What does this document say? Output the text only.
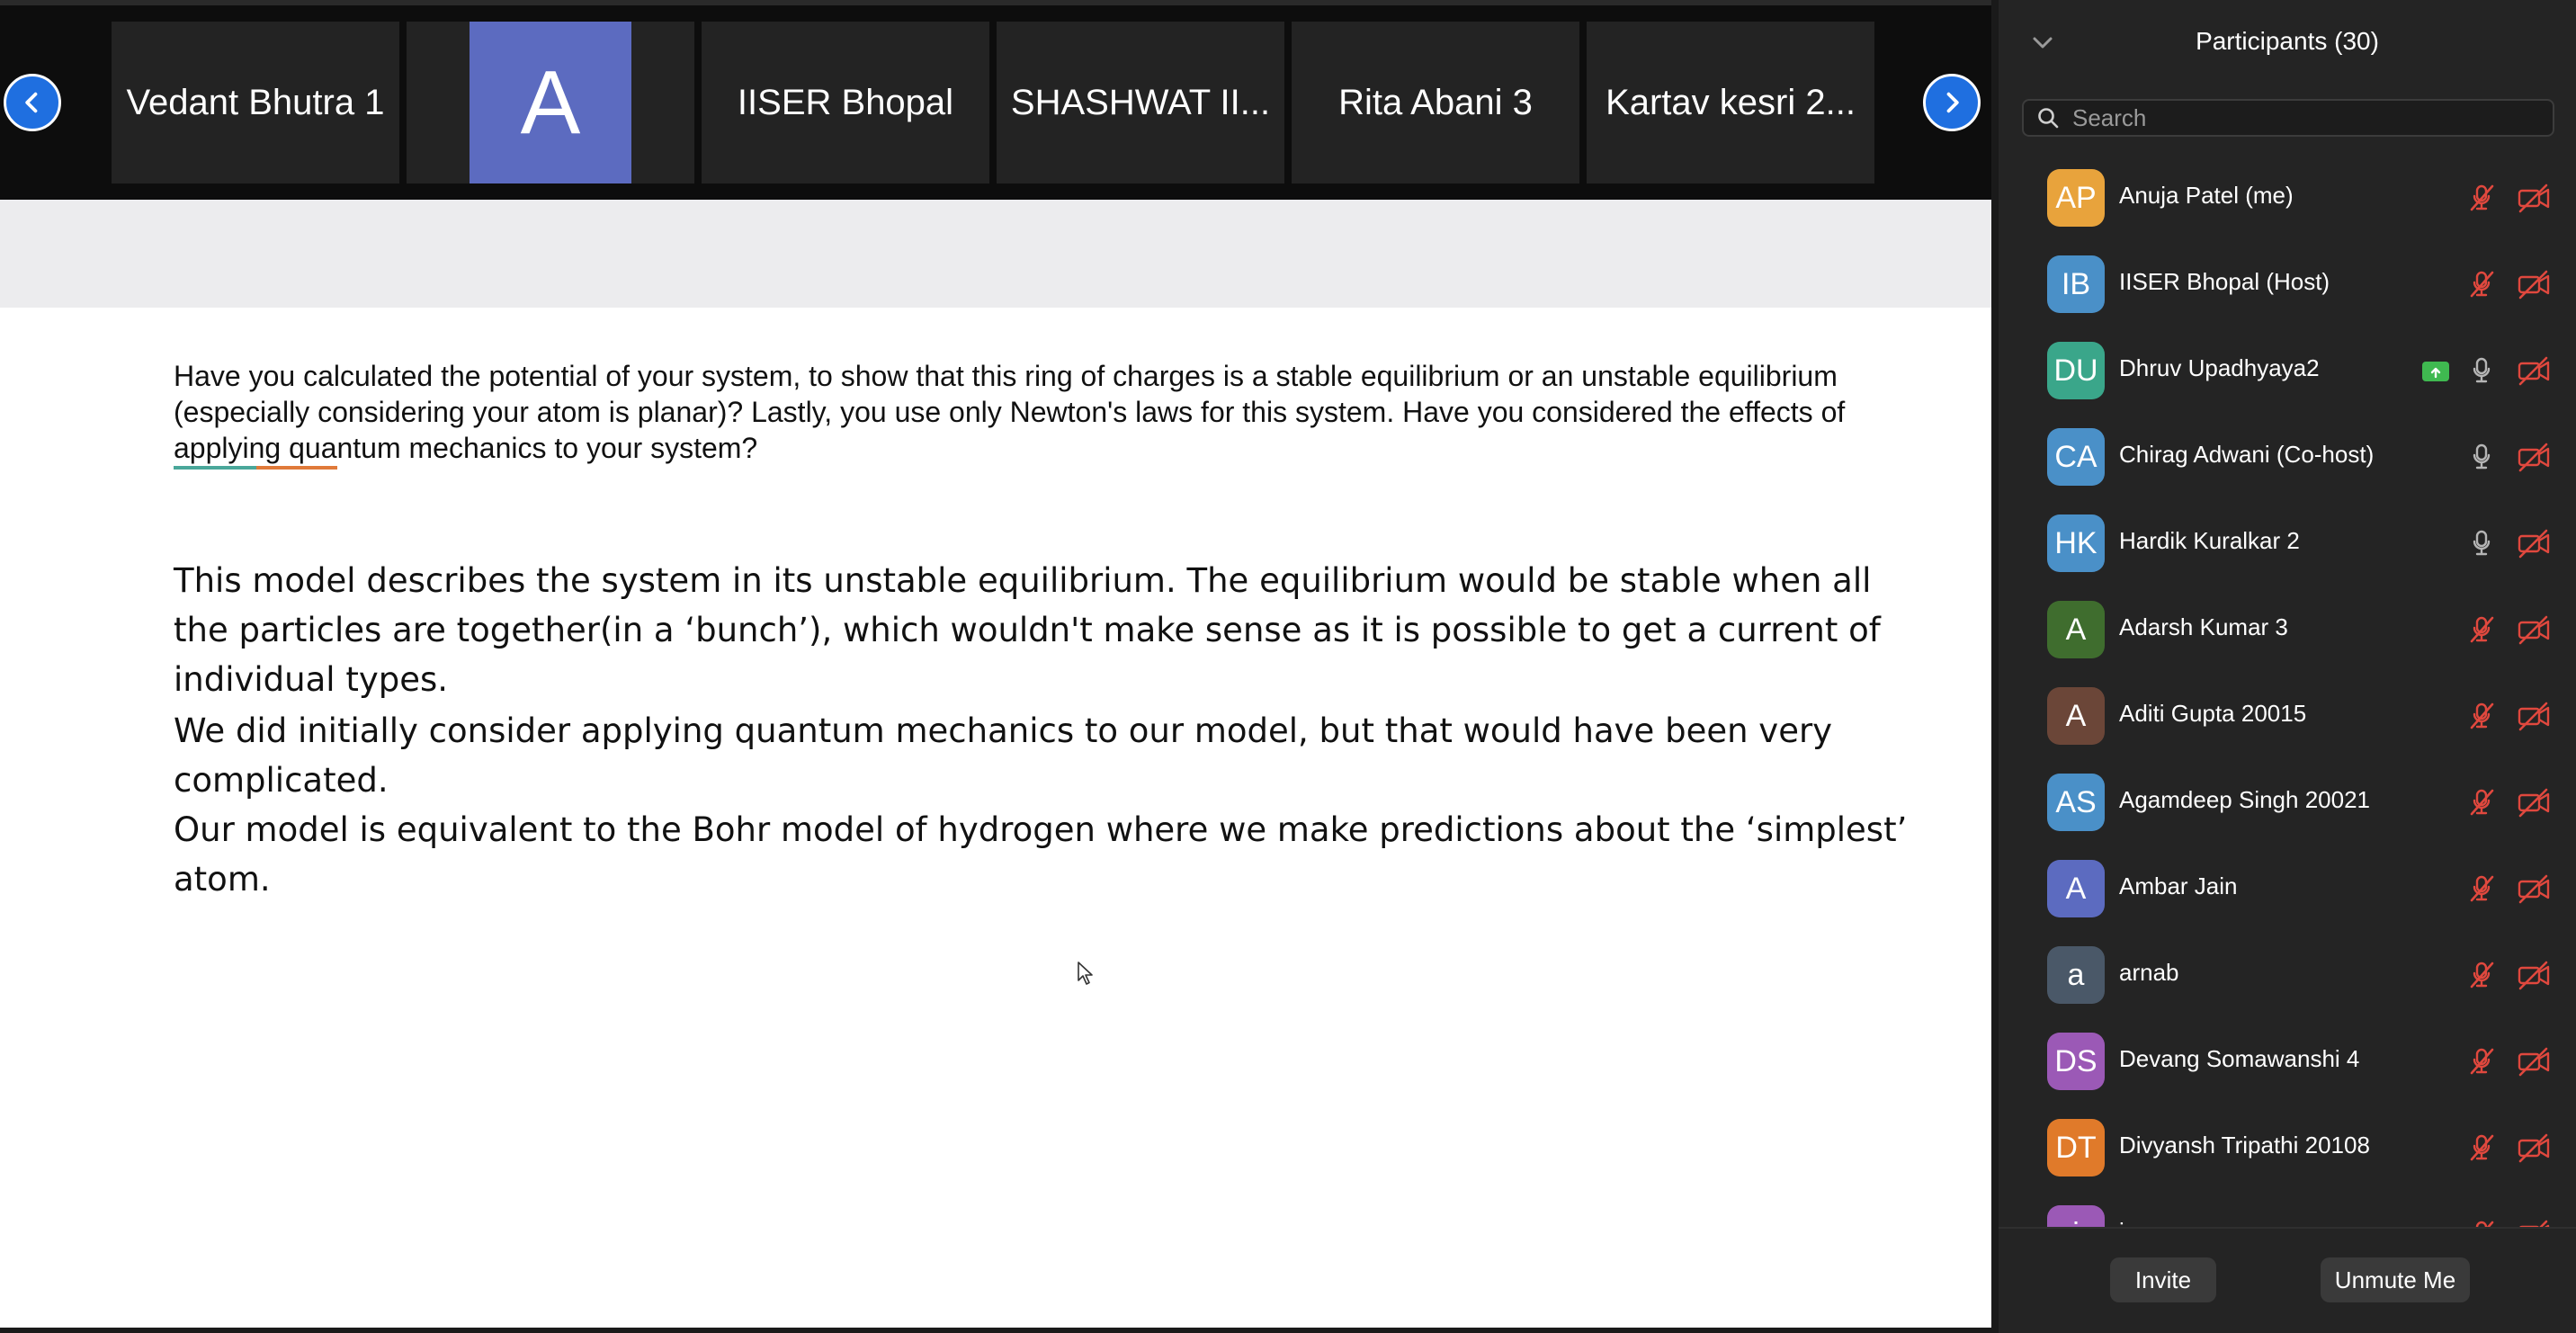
Vedant Bhutra 1	A	IISER Bhopal SHASHWAT II... Rita Abani 3 Kartav kesri 2...

Have you calculated the potential of your system, to show that this ring of charges is a stable equilibrium or an unstable equilibrium (especially considering your atom is planar)? Lastly, you use only Newton's laws for this system. Have you considered the effects of applying quantum mechanics to your system?

This model describes the system in its unstable equilibrium. The equilibrium would be stable when all the particles are together(in a ‘bunch’), which wouldn't make sense as it is possible to get a current of individual types.

We did initially consider applying quantum mechanics to our model, but that would have been very complicated.

Our model is equivalent to the Bohr model of hydrogen where we make predictions about the ‘simplest’ atom.

Participants (30)
Search
AP Anuja Patel (me)
IB	IISER Bhopal (Host)
DU Dhruv Upadhyaya2
CA Chirag Adwani (Co-host)
HK Hardik Kuralkar 2
A	Adarsh Kumar 3
A	Aditi Gupta 20015
AS Agamdeep Singh 20021
A	Ambar Jain
a	arnab
DS Devang Somawanshi 4
DT Divyansh Tripathi 20108
Invite	Unmute Me
